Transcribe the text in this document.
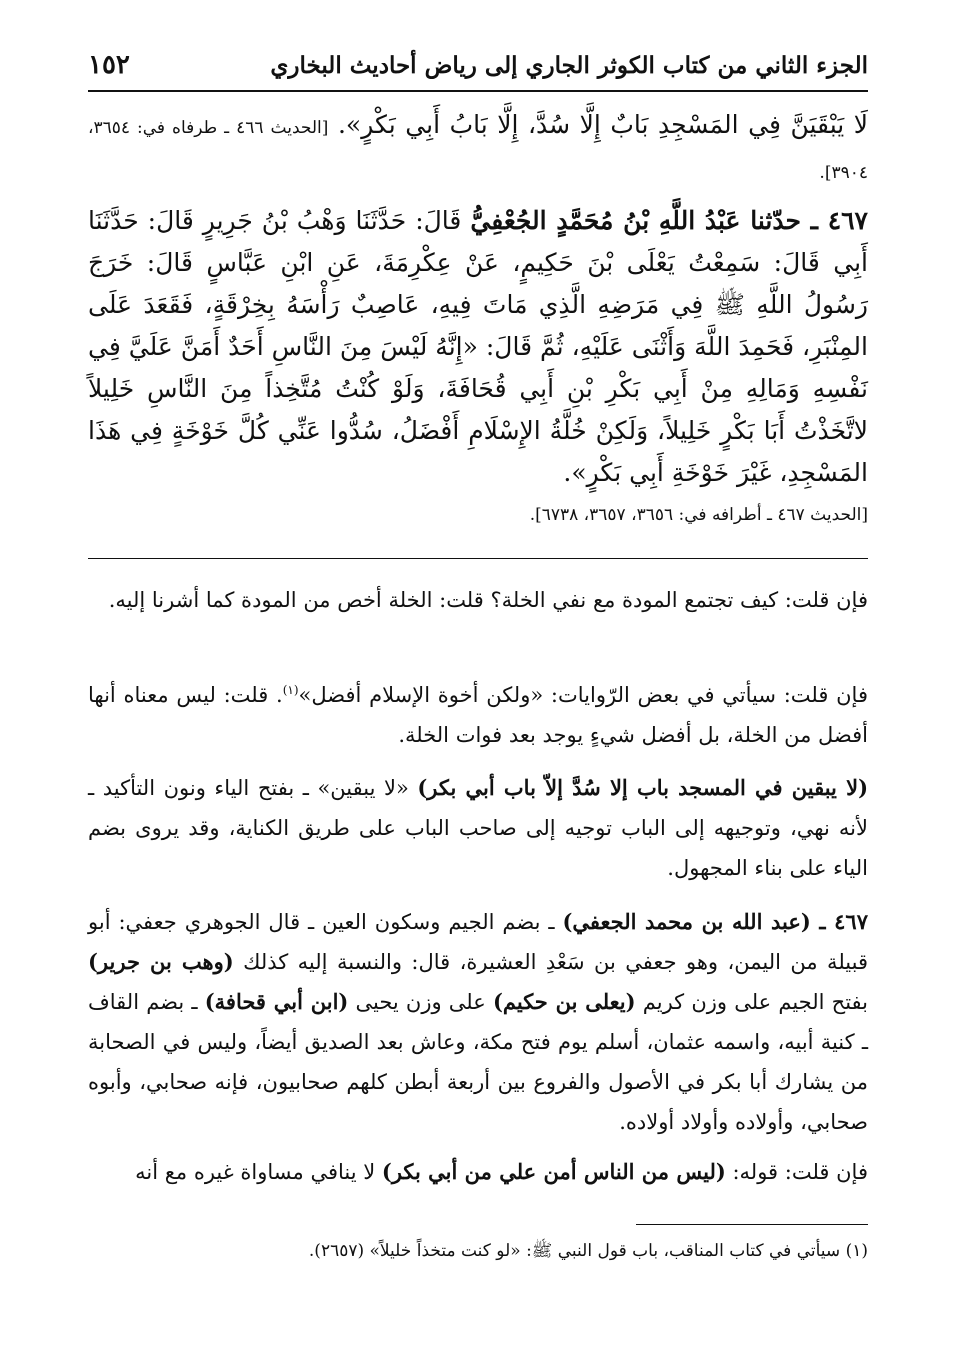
١٥٢	الجزء الثاني من كتاب الكوثر الجاري إلى رياض أحاديث البخاري
لَا يَبْقَيَنَّ فِي المَسْجِدِ بَابٌ إِلَّا سُدَّ، إِلَّا بَابُ أَبِي بَكْرٍ». [الحديث ٤٦٦ ـ طرفاه في: ٣٦٥٤، ٣٩٠٤].
٤٦٧ ـ حدّثنا عَبْدُ اللَّهِ بْنُ مُحَمَّدٍ الجُعْفِيُّ قَالَ: حَدَّثَنَا وَهْبُ بْنُ جَرِيرٍ قَالَ: حَدَّثَنَا أَبِي قَالَ: سَمِعْتُ يَعْلَى بْنَ حَكِيمٍ، عَنْ عِكْرِمَةَ، عَنِ ابْنِ عَبَّاسٍ قَالَ: خَرَجَ رَسُولُ اللَّهِ ﷺ فِي مَرَضِهِ الَّذِي مَاتَ فِيهِ، عَاصِبٌ رَأْسَهُ بِخِرْقَةٍ، فَقَعَدَ عَلَى المِنْبَرِ، فَحَمِدَ اللَّهَ وَأَثْنَى عَلَيْهِ، ثُمَّ قَالَ: «إِنَّهُ لَيْسَ مِنَ النَّاسِ أَحَدٌ أَمَنَّ عَلَيَّ فِي نَفْسِهِ وَمَالِهِ مِنْ أَبِي بَكْرِ بْنِ أَبِي قُحَافَةَ، وَلَوْ كُنْتُ مُتَّخِذاً مِنَ النَّاسِ خَلِيلاً لاتَّخَذْتُ أَبَا بَكْرٍ خَلِيلاً، وَلَكِنْ خُلَّةُ الإِسْلَامِ أَفْضَلُ، سُدُّوا عَنِّي كُلَّ خَوْخَةٍ فِي هَذَا المَسْجِدِ، غَيْرَ خَوْخَةِ أَبِي بَكْرٍ».
[الحديث ٤٦٧ ـ أطرافه في: ٣٦٥٦، ٣٦٥٧، ٦٧٣٨].
فإن قلت: كيف تجتمع المودة مع نفي الخلة؟ قلت: الخلة أخص من المودة كما أشرنا إليه.
فإن قلت: سيأتي في بعض الرّوايات: «ولكن أخوة الإسلام أفضل»$^{(١)}$. قلت: ليس معناه أنها أفضل من الخلة، بل أفضل شيءٍ يوجد بعد فوات الخلة.
(لا يبقين في المسجد باب إلا سُدَّ إلاّ باب أبي بكر) «لا يبقين» ـ بفتح الياء ونون التأكيد ـ لأنه نهي، وتوجيهه إلى الباب توجيه إلى صاحب الباب على طريق الكناية، وقد يروى بضم الياء على بناء المجهول.
٤٦٧ ـ (عبد الله بن محمد الجعفي) ـ بضم الجيم وسكون العين ـ قال الجوهري جعفي: أبو قبيلة من اليمن، وهو جعفي بن سَعْدِ العشيرة، قال: والنسبة إليه كذلك (وهب بن جرير) بفتح الجيم على وزن كريم (يعلى بن حكيم) على وزن يحيى (ابن أبي قحافة) ـ بضم القاف ـ كنية أبيه، واسمه عثمان، أسلم يوم فتح مكة، وعاش بعد الصديق أيضاً، وليس في الصحابة من يشارك أبا بكر في الأصول والفروع بين أربعة أبطن كلهم صحابيون، فإنه صحابي، وأبوه صحابي، وأولاده وأولاد أولاده.
فإن قلت: قوله: (ليس من الناس أمن علي من أبي بكر) لا ينافي مساواة غيره مع أنه
(١) سيأتي في كتاب المناقب، باب قول النبي ﷺ: «لو كنت متخذاً خليلاً» (٢٦٥٧).
